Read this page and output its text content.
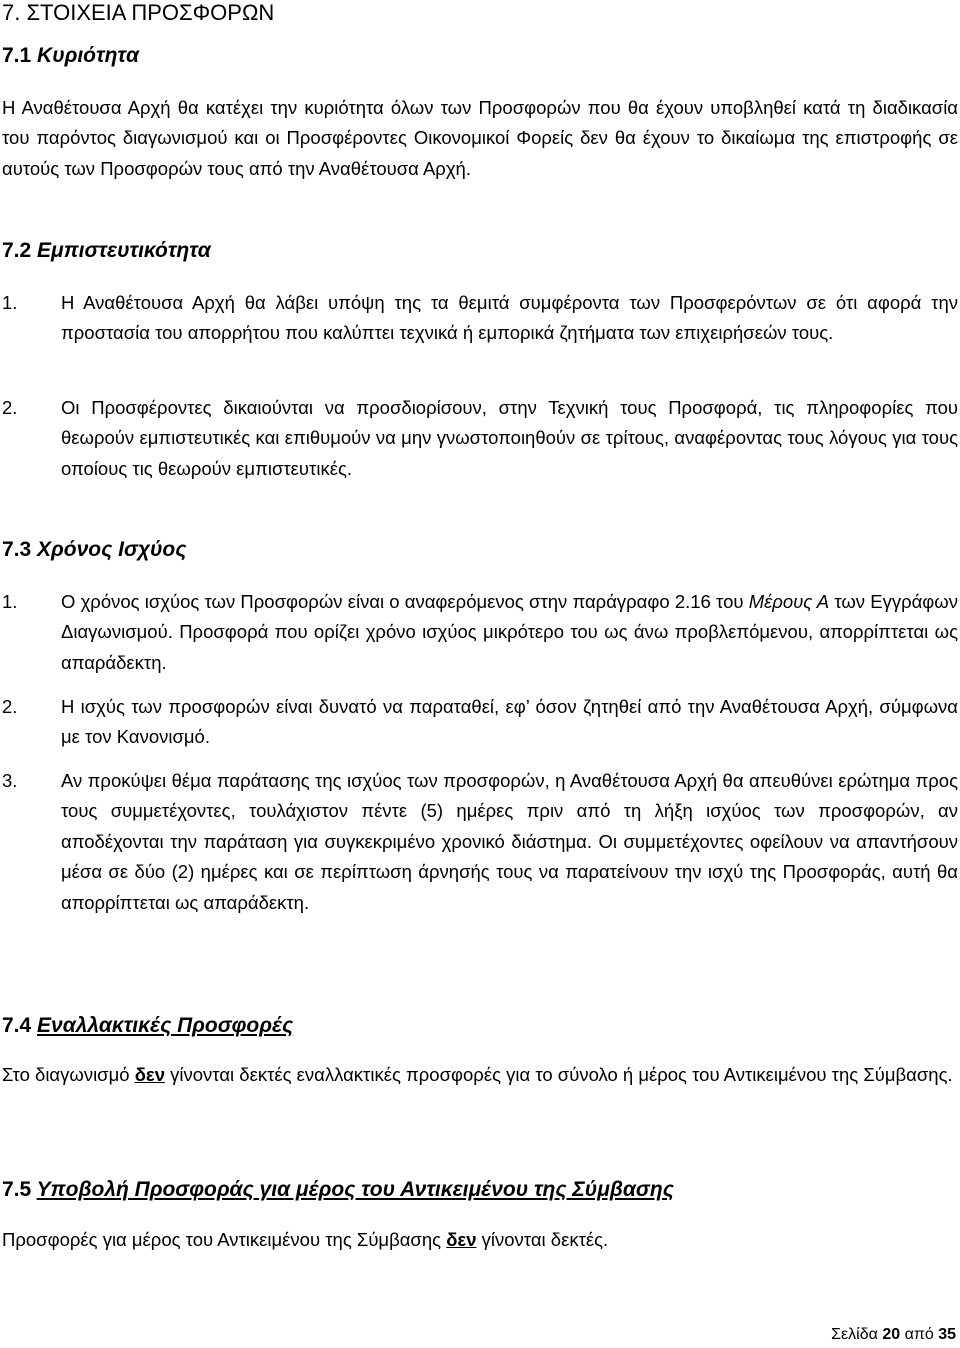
7. ΣΤΟΙΧΕΙΑ ΠΡΟΣΦΟΡΩΝ
7.1 Κυριότητα
Η Αναθέτουσα Αρχή θα κατέχει την κυριότητα όλων των Προσφορών που θα έχουν υποβληθεί κατά τη διαδικασία του παρόντος διαγωνισμού και οι Προσφέροντες Οικονομικοί Φορείς δεν θα έχουν το δικαίωμα της επιστροφής σε αυτούς των Προσφορών τους από την Αναθέτουσα Αρχή.
7.2 Εμπιστευτικότητα
1.	Η Αναθέτουσα Αρχή θα λάβει υπόψη της τα θεμιτά συμφέροντα των Προσφερόντων σε ότι αφορά την προστασία του απορρήτου που καλύπτει τεχνικά ή εμπορικά ζητήματα των επιχειρήσεών τους.
2.	Οι Προσφέροντες δικαιούνται να προσδιορίσουν, στην Τεχνική τους Προσφορά, τις πληροφορίες που θεωρούν εμπιστευτικές και επιθυμούν να μην γνωστοποιηθούν σε τρίτους, αναφέροντας τους λόγους για τους οποίους τις θεωρούν εμπιστευτικές.
7.3 Χρόνος Ισχύος
1.	Ο χρόνος ισχύος των Προσφορών είναι ο αναφερόμενος στην παράγραφο 2.16 του Μέρους Α των Εγγράφων Διαγωνισμού. Προσφορά που ορίζει χρόνο ισχύος μικρότερο του ως άνω προβλεπόμενου, απορρίπτεται ως απαράδεκτη.
2.	Η ισχύς των προσφορών είναι δυνατό να παραταθεί, εφ’ όσον ζητηθεί από την Αναθέτουσα Αρχή, σύμφωνα με τον Κανονισμό.
3.	Αν προκύψει θέμα παράτασης της ισχύος των προσφορών, η Αναθέτουσα Αρχή θα απευθύνει ερώτημα προς τους συμμετέχοντες, τουλάχιστον πέντε (5) ημέρες πριν από τη λήξη ισχύος των προσφορών, αν αποδέχονται την παράταση για συγκεκριμένο χρονικό διάστημα. Οι συμμετέχοντες οφείλουν να απαντήσουν μέσα σε δύο (2) ημέρες και σε περίπτωση άρνησής τους να παρατείνουν την ισχύ της Προσφοράς, αυτή θα απορρίπτεται ως απαράδεκτη.
7.4 Εναλλακτικές Προσφορές
Στο διαγωνισμό δεν γίνονται δεκτές εναλλακτικές προσφορές για το σύνολο ή μέρος του Αντικειμένου της Σύμβασης.
7.5 Υποβολή Προσφοράς για μέρος του Αντικειμένου της Σύμβασης
Προσφορές για μέρος του Αντικειμένου της Σύμβασης δεν γίνονται δεκτές.
Σελίδα 20 από 35
